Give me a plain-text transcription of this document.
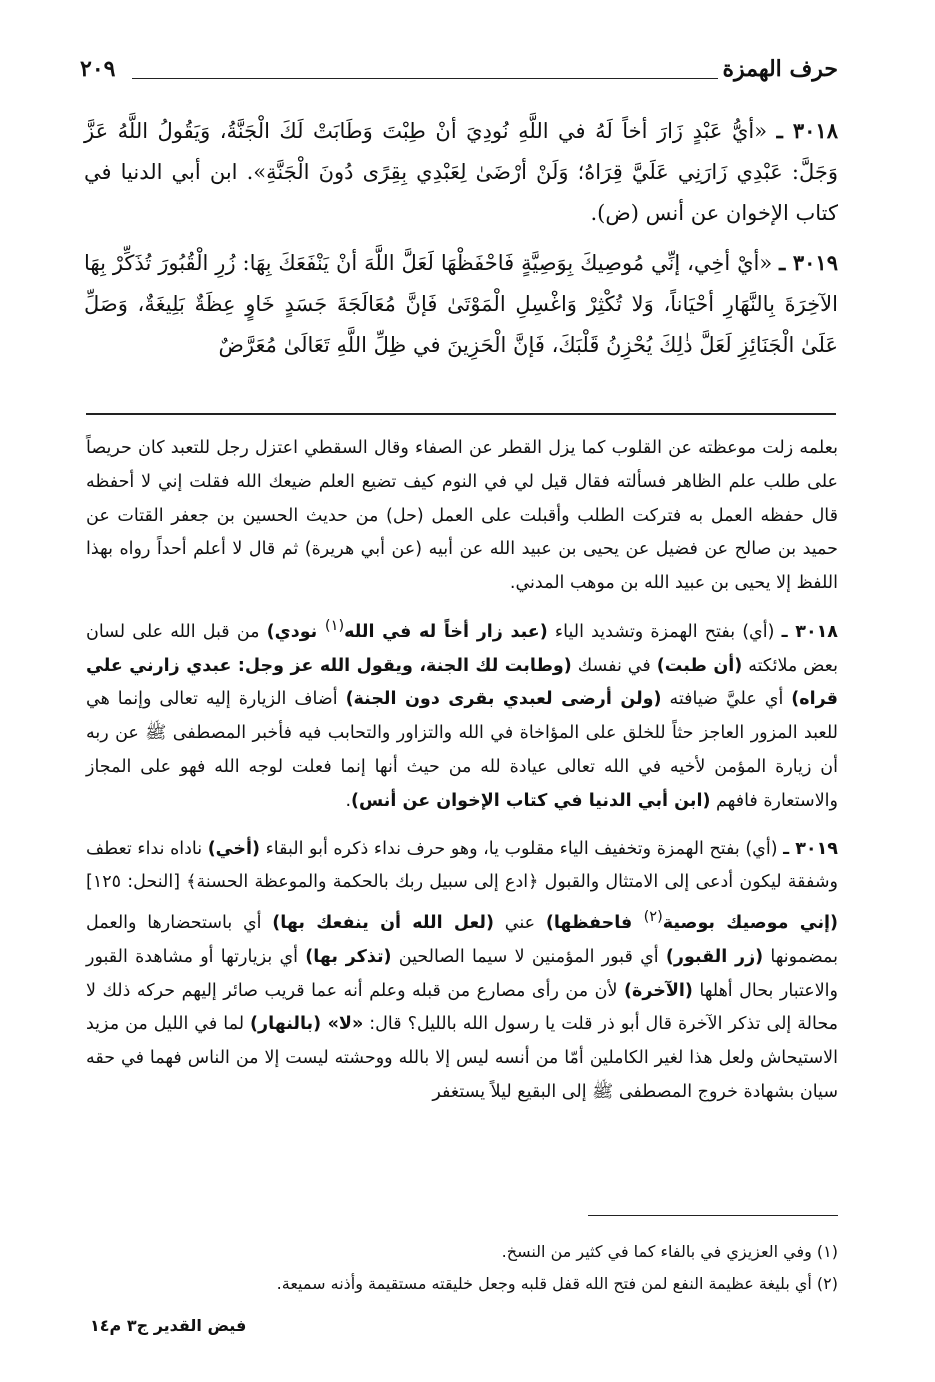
حرف الهمزة
٢٠٩

٣٠١٨ ـ «أيُّ عَبْدٍ زَارَ أخاً لَهُ في اللَّهِ نُودِيَ أنْ طِبْتَ وَطَابَتْ لَكَ الْجَنَّةُ، وَيَقُولُ اللَّهُ عَزَّ وَجَلَّ: عَبْدِي زَارَنِي عَلَيَّ قِرَاهُ؛ وَلَنْ أرْضَىٰ لِعَبْدِي بِقِرًى دُونَ الْجَنَّةِ». ابن أبي الدنيا في كتاب الإخوان عن أنس (ض).

٣٠١٩ ـ «أيْ أخِي، إنِّي مُوصِيكَ بِوَصِيَّةٍ فَاحْفَظْهَا لَعَلَّ اللَّهَ أنْ يَنْفَعَكَ بِهَا: زُرِ الْقُبُورَ تُذَكِّرْ بِهَا الآخِرَةَ بِالنَّهَارِ أحْيَاناً، وَلا تُكْثِرْ وَاغْسِلِ الْمَوْتَىٰ فَإنَّ مُعَالَجَةَ جَسَدٍ خَاوٍ عِظَةٌ بَلِيغَةٌ، وَصَلِّ عَلَىٰ الْجَنَائِزِ لَعَلَّ ذٰلِكَ يُحْزِنُ قَلْبَكَ، فَإنَّ الْحَزِينَ في ظِلِّ اللَّهِ تَعَالَىٰ مُعَرَّضٌ

بعلمه زلت موعظته عن القلوب كما يزل القطر عن الصفاء وقال السقطي اعتزل رجل للتعبد كان حريصاً على طلب علم الظاهر فسألته فقال قيل لي في النوم كيف تضيع العلم ضيعك الله فقلت إني لا أحفظه قال حفظه العمل به فتركت الطلب وأقبلت على العمل (حل) من حديث الحسين بن جعفر القتات عن حميد بن صالح عن فضيل عن يحيى بن عبيد الله عن أبيه (عن أبي هريرة) ثم قال لا أعلم أحداً رواه بهذا اللفظ إلا يحيى بن عبيد الله بن موهب المدني.

٣٠١٨ ـ (أي) بفتح الهمزة وتشديد الياء (عبد زار أخاً له في الله$^{(١)}$ نودي) من قبل الله على لسان بعض ملائكته (أن طبت) في نفسك (وطابت لك الجنة، ويقول الله عز وجل: عبدي زارني علي قراه) أي عليَّ ضيافته (ولن أرضى لعبدي بقرى دون الجنة) أضاف الزيارة إليه تعالى وإنما هي للعبد المزور العاجز حثاً للخلق على المؤاخاة في الله والتزاور والتحابب فيه فأخبر المصطفى ﷺ عن ربه أن زيارة المؤمن لأخيه في الله تعالى عيادة لله من حيث أنها إنما فعلت لوجه الله فهو على المجاز والاستعارة فافهم (ابن أبي الدنيا في كتاب الإخوان عن أنس).

٣٠١٩ ـ (أي) بفتح الهمزة وتخفيف الياء مقلوب يا، وهو حرف نداء ذكره أبو البقاء (أخي) ناداه نداء تعطف وشفقة ليكون أدعى إلى الامتثال والقبول ﴿ادع إلى سبيل ربك بالحكمة والموعظة الحسنة﴾ [النحل: ١٢٥] (إني موصيك بوصية$^{(٢)}$ فاحفظها) عني (لعل الله أن ينفعك بها) أي باستحضارها والعمل بمضمونها (زر القبور) أي قبور المؤمنين لا سيما الصالحين (تذكر بها) أي بزيارتها أو مشاهدة القبور والاعتبار بحال أهلها (الآخرة) لأن من رأى مصارع من قبله وعلم أنه عما قريب صائر إليهم حركه ذلك لا محالة إلى تذكر الآخرة قال أبو ذر قلت يا رسول الله بالليل؟ قال: «لا» (بالنهار) لما في الليل من مزيد الاستيحاش ولعل هذا لغير الكاملين أمّا من أنسه ليس إلا بالله ووحشته ليست إلا من الناس فهما في حقه سيان بشهادة خروج المصطفى ﷺ إلى البقيع ليلاً يستغفر

(١) وفي العزيزي في بالفاء كما في كثير من النسخ.

(٢) أي بليغة عظيمة النفع لمن فتح الله قفل قلبه وجعل خليقته مستقيمة وأذنه سميعة.

فيض القدير ج٣ م١٤
